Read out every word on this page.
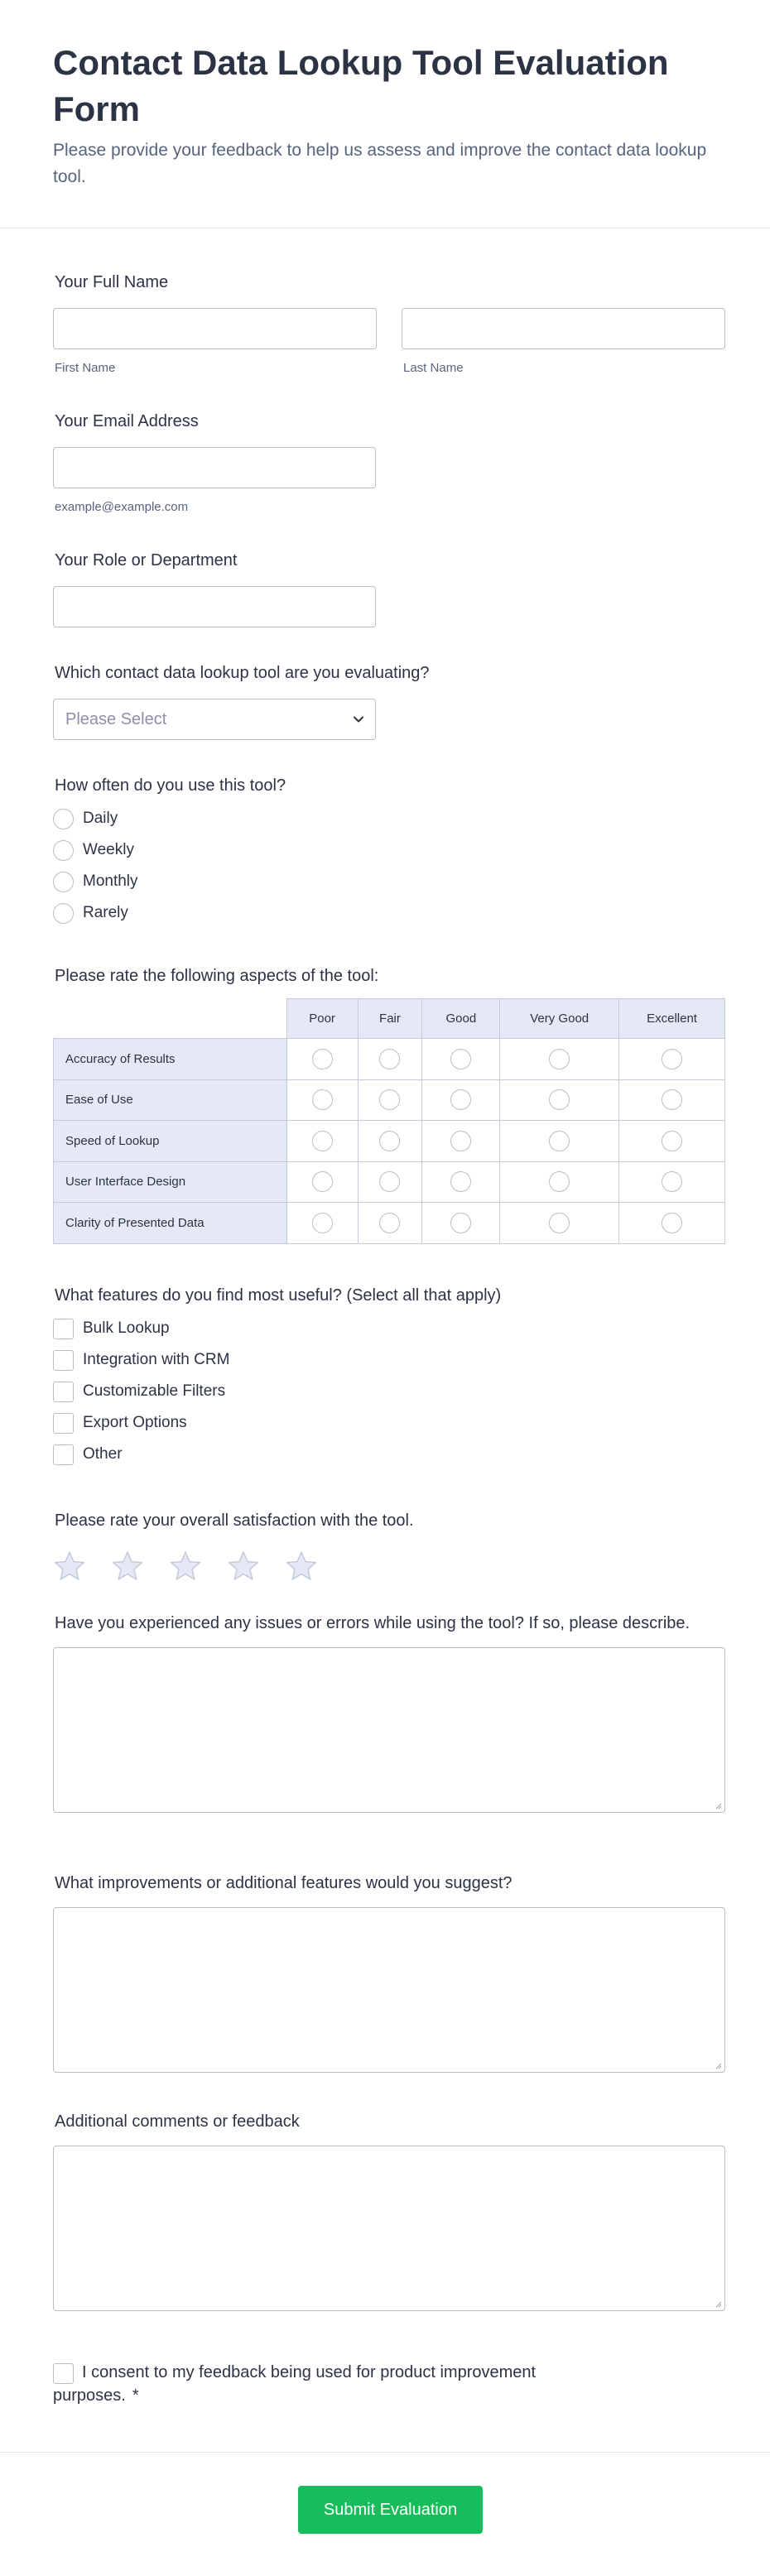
Contact Data Lookup Tool Evaluation Form

Please provide your feedback to help us assess and improve the contact data lookup tool.

Your Full Name
First Name	Last Name
Your Email Address
example@example.com
Your Role or Department
Which contact data lookup tool are you evaluating?
Please Select
How often do you use this tool?
Daily
Weekly
Monthly
Rarely
Please rate the following aspects of the tool:
	Poor	Fair	Good	Very Good	Excellent
Accuracy of Results					
Ease of Use					
Speed of Lookup					
User Interface Design					
Clarity of Presented Data					
What features do you find most useful? (Select all that apply)
Bulk Lookup
Integration with CRM
Customizable Filters
Export Options
Other
Please rate your overall satisfaction with the tool.
Have you experienced any issues or errors while using the tool? If so, please describe.
What improvements or additional features would you suggest?
Additional comments or feedback
I consent to my feedback being used for product improvement purposes. *
Submit Evaluation
